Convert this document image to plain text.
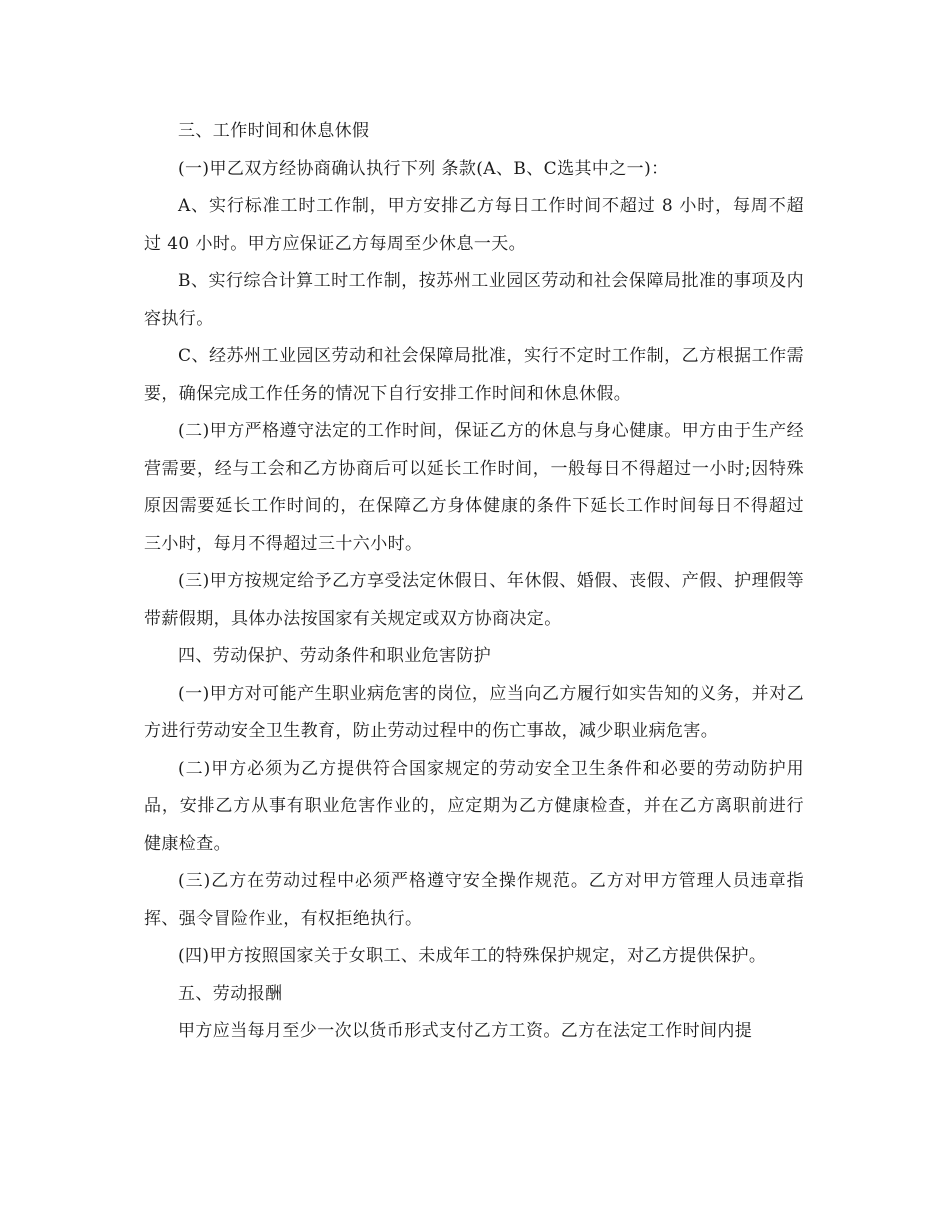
三、工作时间和休息休假

(一)甲乙双方经协商确认执行下列 条款(A、B、C选其中之一)：

A、实行标准工时工作制，甲方安排乙方每日工作时间不超过 8 小时，每周不超过 40 小时。甲方应保证乙方每周至少休息一天。

B、实行综合计算工时工作制，按苏州工业园区劳动和社会保障局批准的事项及内容执行。

C、经苏州工业园区劳动和社会保障局批准，实行不定时工作制，乙方根据工作需要，确保完成工作任务的情况下自行安排工作时间和休息休假。

(二)甲方严格遵守法定的工作时间，保证乙方的休息与身心健康。甲方由于生产经营需要，经与工会和乙方协商后可以延长工作时间，一般每日不得超过一小时;因特殊原因需要延长工作时间的，在保障乙方身体健康的条件下延长工作时间每日不得超过三小时，每月不得超过三十六小时。

(三)甲方按规定给予乙方享受法定休假日、年休假、婚假、丧假、产假、护理假等带薪假期，具体办法按国家有关规定或双方协商决定。

四、劳动保护、劳动条件和职业危害防护

(一)甲方对可能产生职业病危害的岗位，应当向乙方履行如实告知的义务，并对乙方进行劳动安全卫生教育，防止劳动过程中的伤亡事故，减少职业病危害。

(二)甲方必须为乙方提供符合国家规定的劳动安全卫生条件和必要的劳动防护用品，安排乙方从事有职业危害作业的，应定期为乙方健康检查，并在乙方离职前进行健康检查。

(三)乙方在劳动过程中必须严格遵守安全操作规范。乙方对甲方管理人员违章指挥、强令冒险作业，有权拒绝执行。

(四)甲方按照国家关于女职工、未成年工的特殊保护规定，对乙方提供保护。

五、劳动报酬

甲方应当每月至少一次以货币形式支付乙方工资。乙方在法定工作时间内提
